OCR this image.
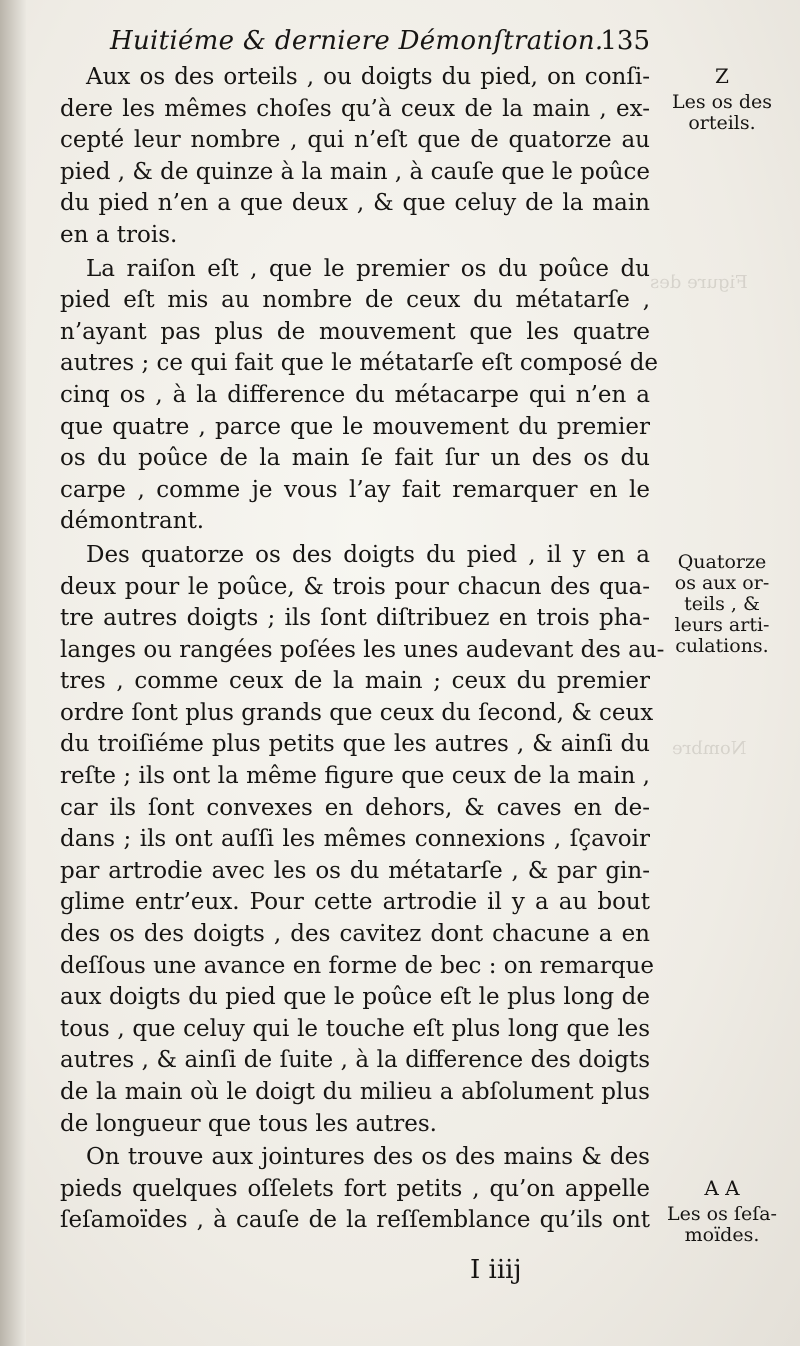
Figure des
Nombre
Huitiéme & derniere Démonſtration.
135
Aux os des orteils , ou doigts du pied, on conſi-
dere les mêmes choſes qu’à ceux de la main , ex-
cepté leur nombre , qui n’eſt que de quatorze au
pied , & de quinze à la main , à cauſe que le poûce
du pied n’en a que deux , & que celuy de la main
en a trois.
La raiſon eſt , que le premier os du poûce du
pied eſt mis au nombre de ceux du métatarſe ,
n’ayant pas plus de mouvement que les quatre
autres ; ce qui fait que le métatarſe eſt composé de
cinq os , à la difference du métacarpe qui n’en a
que quatre , parce que le mouvement du premier
os du poûce de la main ſe fait ſur un des os du
carpe , comme je vous l’ay fait remarquer en le
démontrant.
Des quatorze os des doigts du pied , il y en a
deux pour le poûce, & trois pour chacun des qua-
tre autres doigts ; ils ſont diſtribuez en trois pha-
langes ou rangées poſées les unes audevant des au-
tres , comme ceux de la main ; ceux du premier
ordre ſont plus grands que ceux du ſecond, & ceux
du troiſiéme plus petits que les autres , & ainſi du
reſte ; ils ont la même figure que ceux de la main ,
car ils ſont convexes en dehors, & caves en de-
dans ; ils ont auſſi les mêmes connexions , ſçavoir
par artrodie avec les os du métatarſe , & par gin-
glime entr’eux. Pour cette artrodie il y a au bout
des os des doigts , des cavitez dont chacune a en
deſſous une avance en forme de bec : on remarque
aux doigts du pied que le poûce eſt le plus long de
tous , que celuy qui le touche eſt plus long que les
autres , & ainſi de ſuite , à la difference des doigts
de la main où le doigt du milieu a abſolument plus
de longueur que tous les autres.
On trouve aux jointures des os des mains & des
pieds quelques oſſelets fort petits , qu’on appelle
ſeſamoïdes , à cauſe de la reſſemblance qu’ils ont
Z
Les os des
orteils.
Quatorze
os aux or-
teils , &
leurs arti-
culations.
A A
Les os ſeſa-
moïdes.
I iiij
